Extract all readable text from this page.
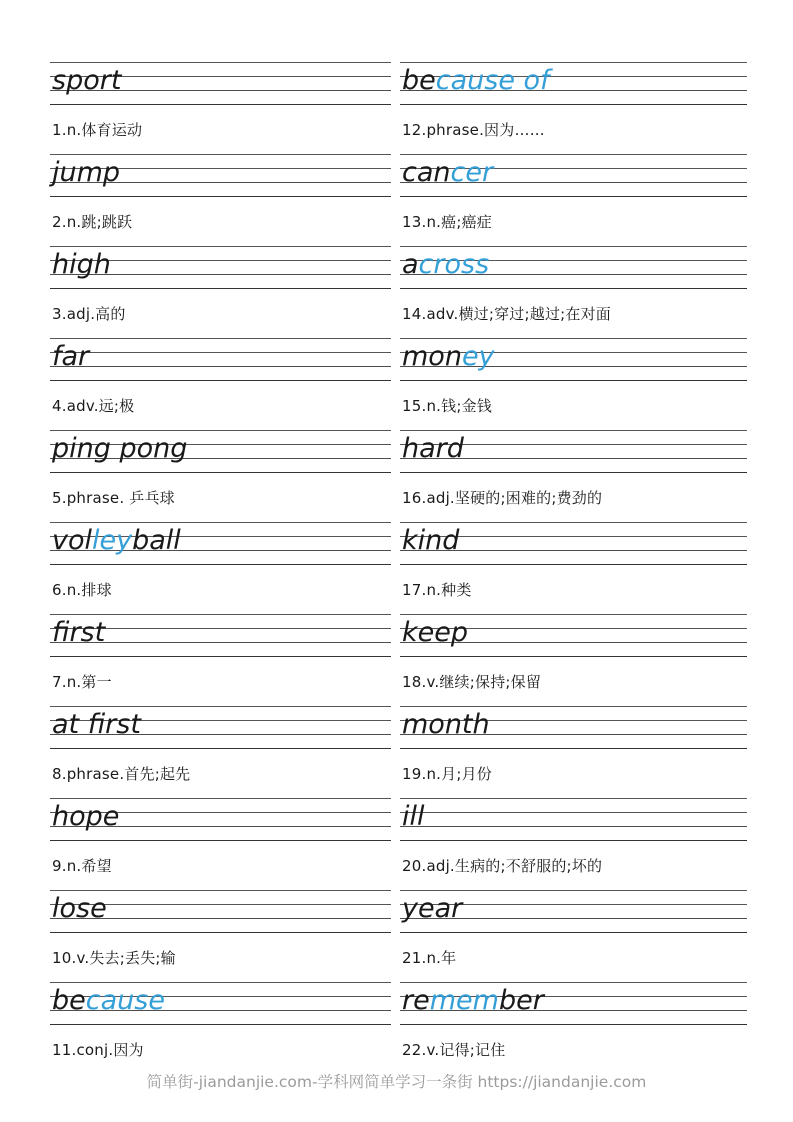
sport
1.n.体育运动
because of
12.phrase.因为……
jump
2.n.跳;跳跃
cancer
13.n.癌;癌症
high
3.adj.高的
across
14.adv.横过;穿过;越过;在对面
far
4.adv.远;极
money
15.n.钱;金钱
ping pong
5.phrase. 乒乓球
hard
16.adj.坚硬的;困难的;费劲的
volleyball
6.n.排球
kind
17.n.种类
first
7.n.第一
keep
18.v.继续;保持;保留
at first
8.phrase.首先;起先
month
19.n.月;月份
hope
9.n.希望
ill
20.adj.生病的;不舒服的;坏的
lose
10.v.失去;丢失;输
year
21.n.年
because
11.conj.因为
remember
22.v.记得;记住
简单街-jiandanjie.com-学科网简单学习一条街 https://jiandanjie.com
